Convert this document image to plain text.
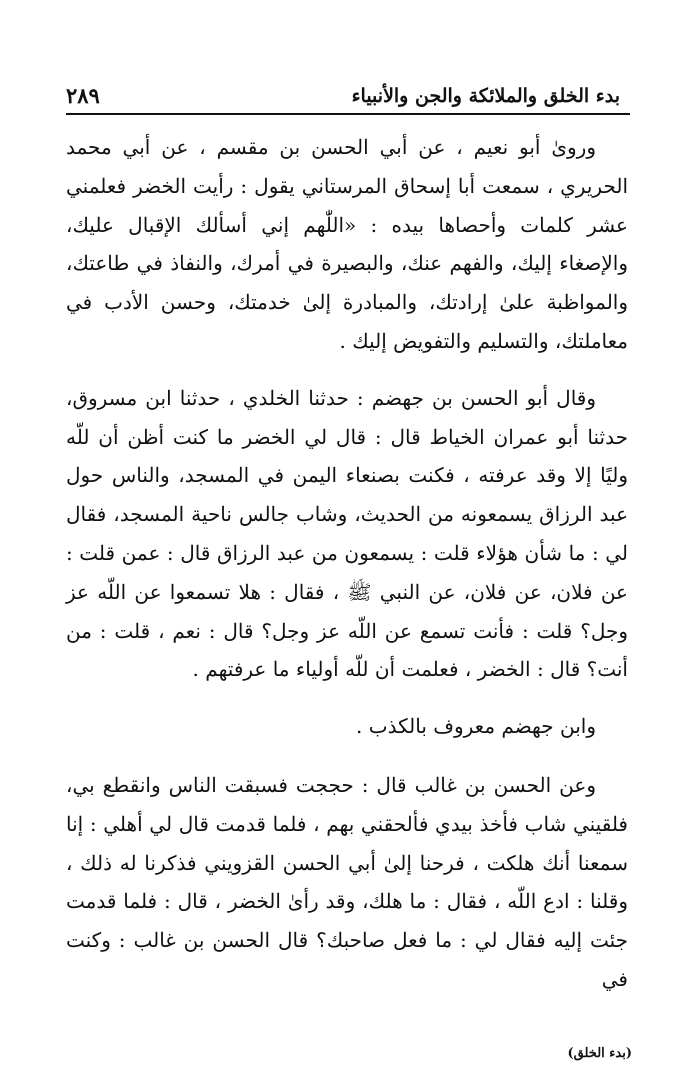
بدء الخلق والملائكة والجن والأنبياء
٢٨٩

وروىٰ أبو نعيم ، عن أبي الحسن بن مقسم ، عن أبي محمد الحريري ، سمعت أبا إسحاق المرستاني يقول : رأيت الخضر فعلمني عشر كلمات وأحصاها بيده : «اللّٰهم إني أسألك الإقبال عليك، والإصغاء إليك، والفهم عنك، والبصيرة في أمرك، والنفاذ في طاعتك، والمواظبة علىٰ إرادتك، والمبادرة إلىٰ خدمتك، وحسن الأدب في معاملتك، والتسليم والتفويض إليك .

وقال أبو الحسن بن جهضم : حدثنا الخلدي ، حدثنا ابن مسروق، حدثنا أبو عمران الخياط قال : قال لي الخضر ما كنت أظن أن للّه وليًا إلا وقد عرفته ، فكنت بصنعاء اليمن في المسجد، والناس حول عبد الرزاق يسمعونه من الحديث، وشاب جالس ناحية المسجد، فقال لي : ما شأن هؤلاء قلت : يسمعون من عبد الرزاق قال : عمن قلت : عن فلان، عن فلان، عن النبي ﷺ ، فقال : هلا تسمعوا عن اللّه عز وجل؟ قلت : فأنت تسمع عن اللّه عز وجل؟ قال : نعم ، قلت : من أنت؟ قال : الخضر ، فعلمت أن للّه أولياء ما عرفتهم .

وابن جهضم معروف بالكذب .

وعن الحسن بن غالب قال : حججت فسبقت الناس وانقطع بي، فلقيني شاب فأخذ بيدي فألحقني بهم ، فلما قدمت قال لي أهلي : إنا سمعنا أنك هلكت ، فرحنا إلىٰ أبي الحسن القزويني فذكرنا له ذلك ، وقلنا : ادع اللّه ، فقال : ما هلك، وقد رأىٰ الخضر ، قال : فلما قدمت جئت إليه فقال لي : ما فعل صاحبك؟ قال الحسن بن غالب : وكنت في

(بدء الخلق)
